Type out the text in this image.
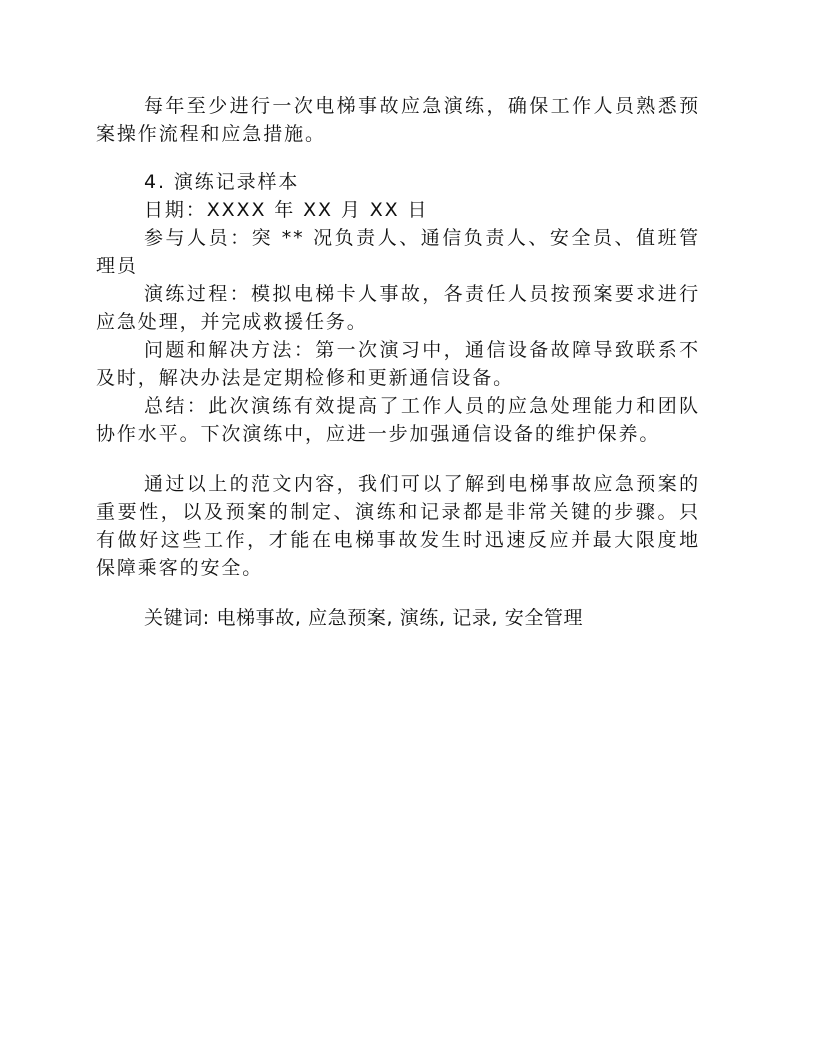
每年至少进行一次电梯事故应急演练，确保工作人员熟悉预案操作流程和应急措施。

4. 演练记录样本

日期：XXXX 年 XX 月 XX 日

参与人员：突 ** 况负责人、通信负责人、安全员、值班管理员

演练过程：模拟电梯卡人事故，各责任人员按预案要求进行应急处理，并完成救援任务。

问题和解决方法：第一次演习中，通信设备故障导致联系不及时，解决办法是定期检修和更新通信设备。

总结：此次演练有效提高了工作人员的应急处理能力和团队协作水平。下次演练中，应进一步加强通信设备的维护保养。

通过以上的范文内容，我们可以了解到电梯事故应急预案的重要性，以及预案的制定、演练和记录都是非常关键的步骤。只有做好这些工作，才能在电梯事故发生时迅速反应并最大限度地保障乘客的安全。

关键词: 电梯事故, 应急预案, 演练, 记录, 安全管理
